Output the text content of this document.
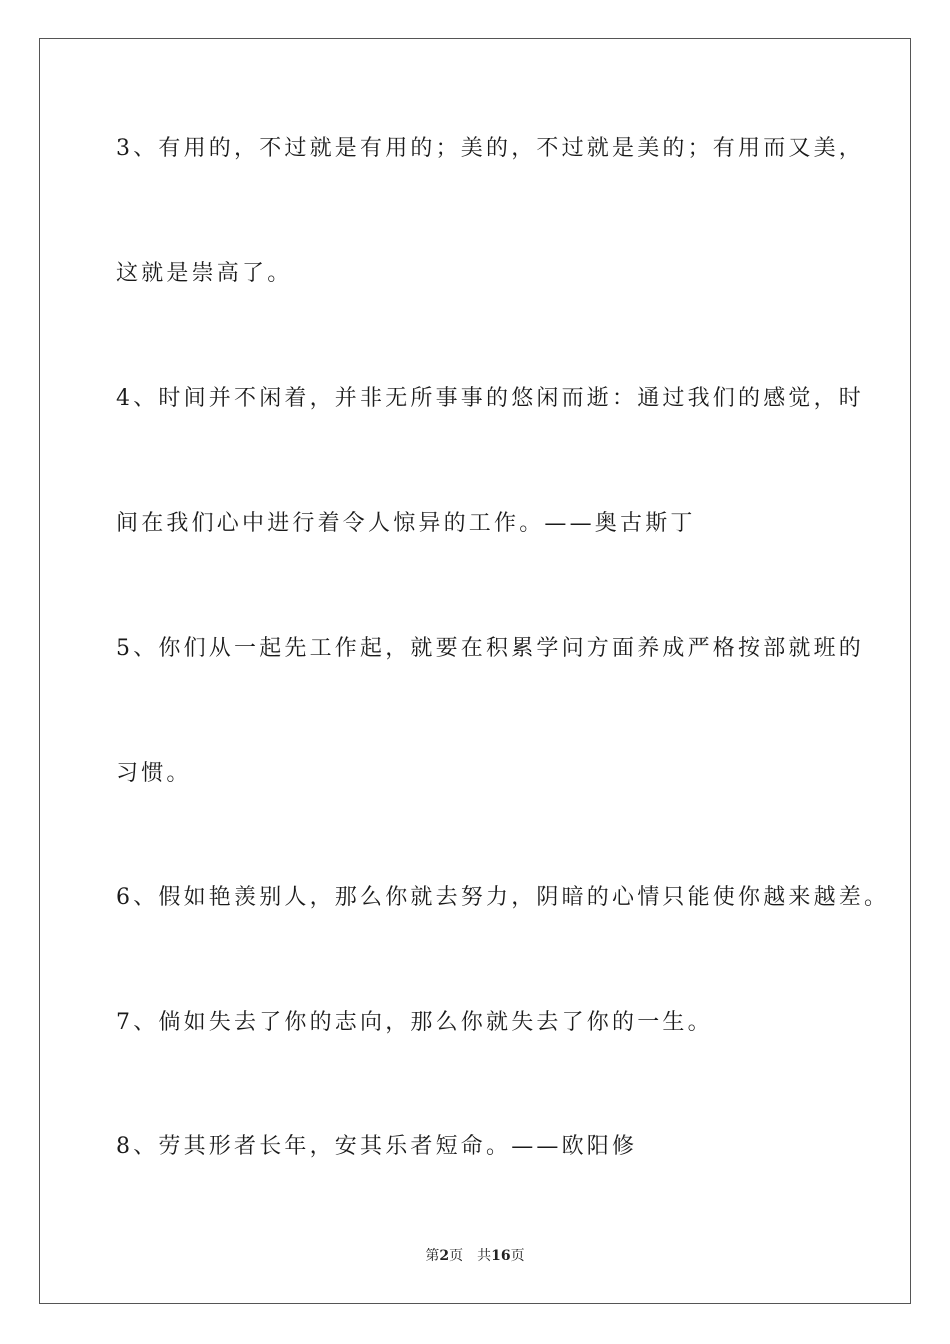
3、有用的，不过就是有用的；美的，不过就是美的；有用而又美，
这就是崇高了。
4、时间并不闲着，并非无所事事的悠闲而逝：通过我们的感觉，时
间在我们心中进行着令人惊异的工作。——奥古斯丁
5、你们从一起先工作起，就要在积累学问方面养成严格按部就班的
习惯。
6、假如艳羡别人，那么你就去努力，阴暗的心情只能使你越来越差。
7、倘如失去了你的志向，那么你就失去了你的一生。
8、劳其形者长年，安其乐者短命。——欧阳修
第2页 共16页
